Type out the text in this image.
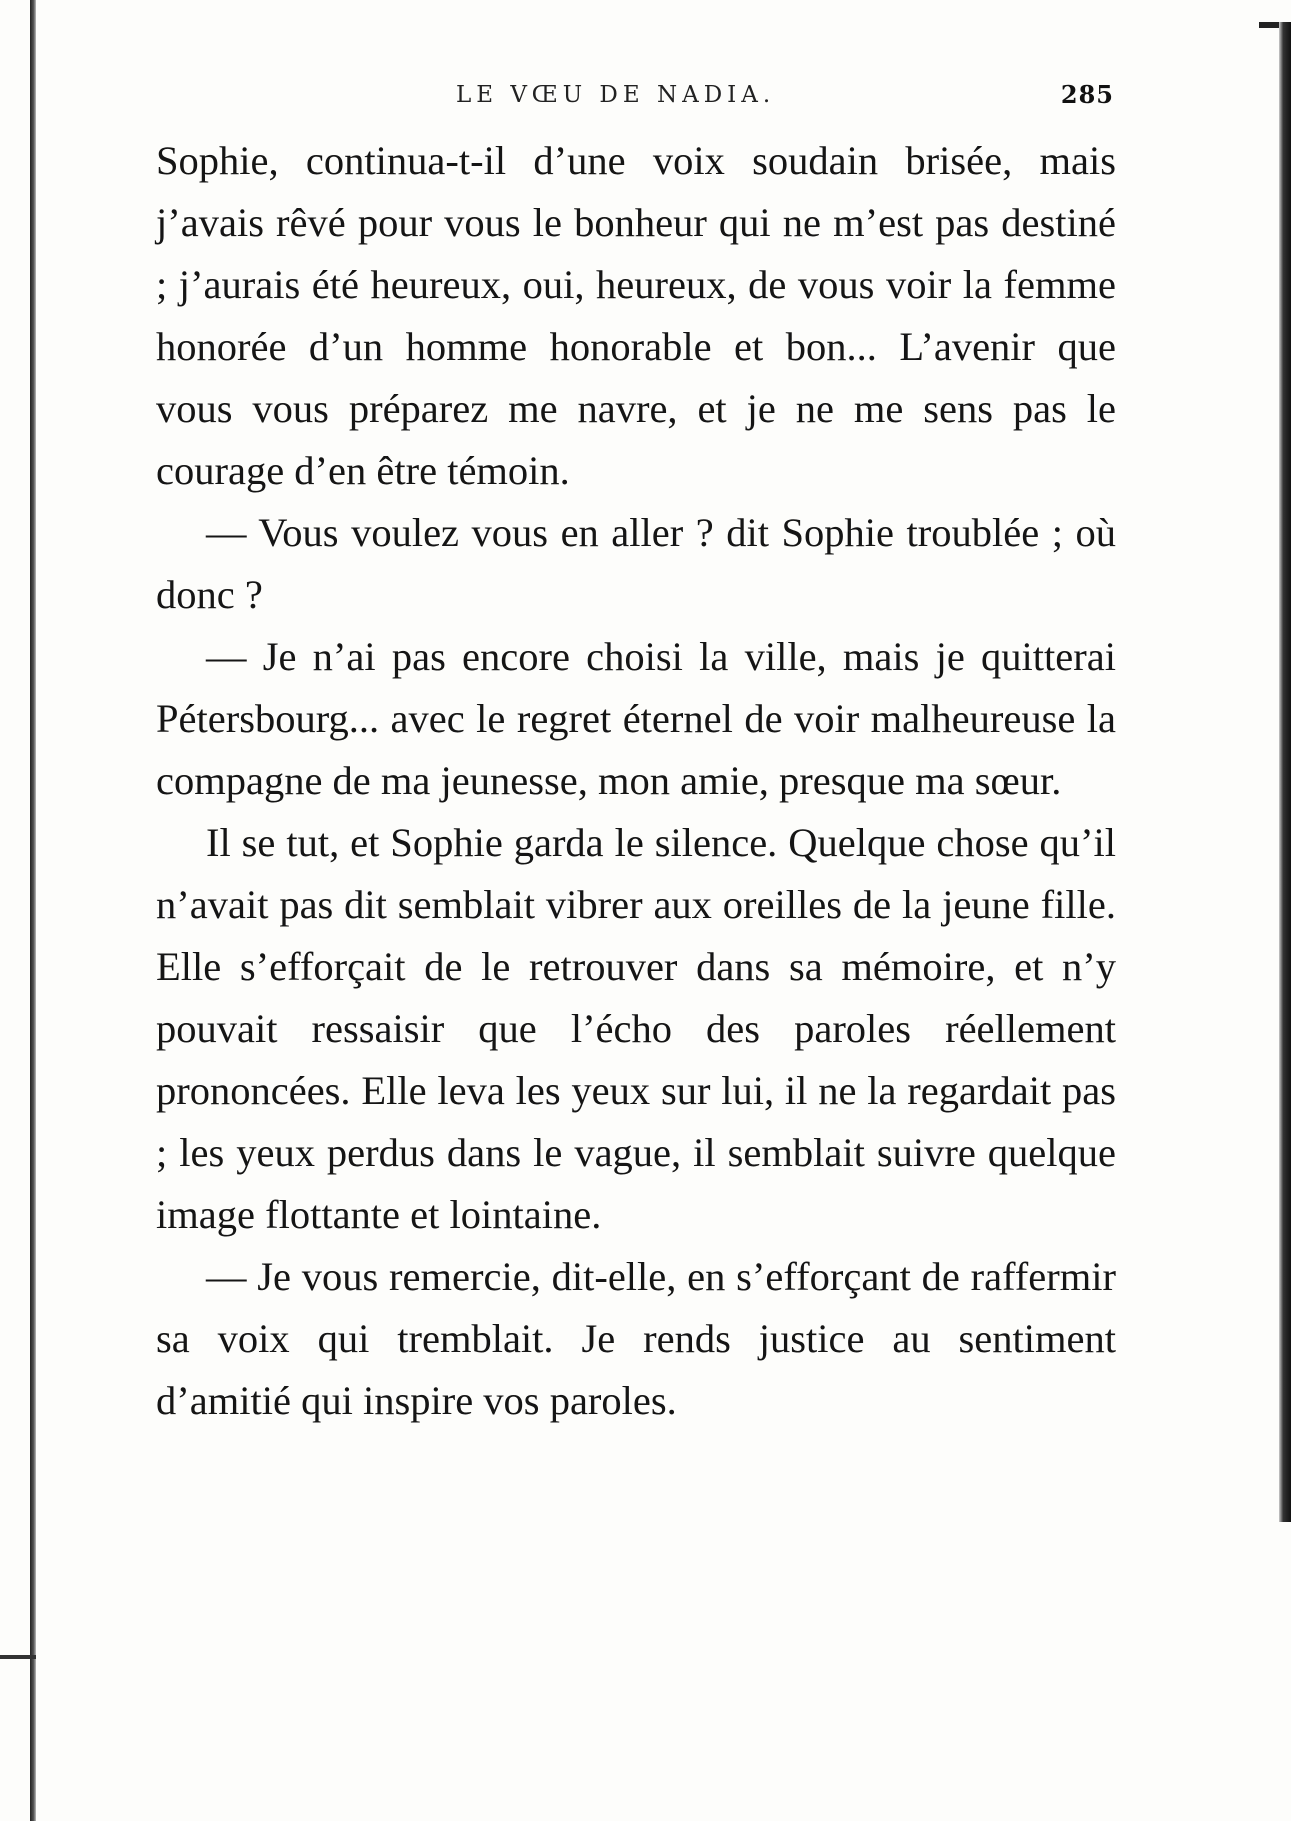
LE VŒU DE NADIA.	285

Sophie, continua-t-il d’une voix soudain brisée, mais j’avais rêvé pour vous le bonheur qui ne m’est pas destiné ; j’aurais été heureux, oui, heureux, de vous voir la femme honorée d’un homme honorable et bon... L’avenir que vous vous préparez me navre, et je ne me sens pas le courage d’en être témoin.

— Vous voulez vous en aller ? dit Sophie troublée ; où donc ?

— Je n’ai pas encore choisi la ville, mais je quitterai Pétersbourg... avec le regret éternel de voir malheureuse la compagne de ma jeunesse, mon amie, presque ma sœur.

Il se tut, et Sophie garda le silence. Quelque chose qu’il n’avait pas dit semblait vibrer aux oreilles de la jeune fille. Elle s’efforçait de le retrouver dans sa mémoire, et n’y pouvait ressaisir que l’écho des paroles réellement prononcées. Elle leva les yeux sur lui, il ne la regardait pas ; les yeux perdus dans le vague, il semblait suivre quelque image flottante et lointaine.

— Je vous remercie, dit-elle, en s’efforçant de raffermir sa voix qui tremblait. Je rends justice au sentiment d’amitié qui inspire vos paroles.
